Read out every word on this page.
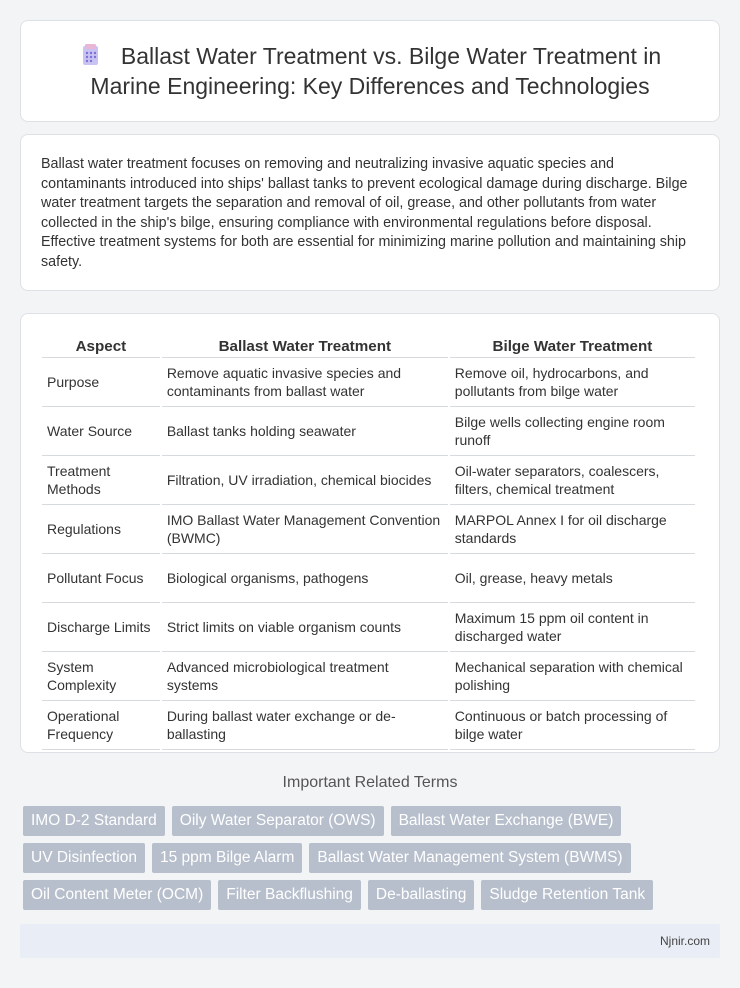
Ballast Water Treatment vs. Bilge Water Treatment in Marine Engineering: Key Differences and Technologies

Ballast water treatment focuses on removing and neutralizing invasive aquatic species and contaminants introduced into ships' ballast tanks to prevent ecological damage during discharge. Bilge water treatment targets the separation and removal of oil, grease, and other pollutants from water collected in the ship's bilge, ensuring compliance with environmental regulations before disposal. Effective treatment systems for both are essential for minimizing marine pollution and maintaining ship safety.

Aspect	Ballast Water Treatment	Bilge Water Treatment
Purpose	Remove aquatic invasive species and contaminants from ballast water	Remove oil, hydrocarbons, and pollutants from bilge water
Water Source	Ballast tanks holding seawater	Bilge wells collecting engine room runoff
Treatment Methods	Filtration, UV irradiation, chemical biocides	Oil-water separators, coalescers, filters, chemical treatment
Regulations	IMO Ballast Water Management Convention (BWMC)	MARPOL Annex I for oil discharge standards
Pollutant Focus	Biological organisms, pathogens	Oil, grease, heavy metals
Discharge Limits	Strict limits on viable organism counts	Maximum 15 ppm oil content in discharged water
System Complexity	Advanced microbiological treatment systems	Mechanical separation with chemical polishing
Operational Frequency	During ballast water exchange or de-ballasting	Continuous or batch processing of bilge water
Important Related Terms
IMO D-2 Standard	Oily Water Separator (OWS)	Ballast Water Exchange (BWE)
UV Disinfection	15 ppm Bilge Alarm	Ballast Water Management System (BWMS)
Oil Content Meter (OCM)	Filter Backflushing	De-ballasting	Sludge Retention Tank
Njnir.com
